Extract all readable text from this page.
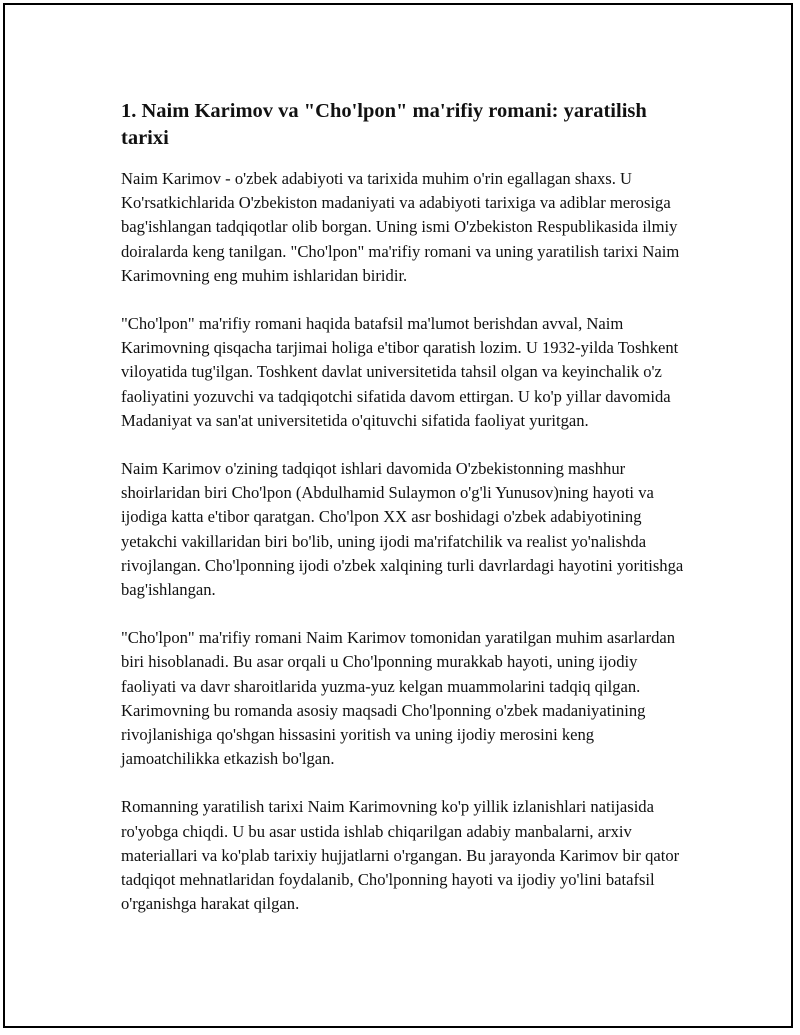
1. Naim Karimov va "Cho'lpon" ma'rifiy romani: yaratilish tarixi

Naim Karimov - o'zbek adabiyoti va tarixida muhim o'rin egallagan shaxs. U Ko'rsatkichlarida O'zbekiston madaniyati va adabiyoti tarixiga va adiblar merosiga bag'ishlangan tadqiqotlar olib borgan. Uning ismi O'zbekiston Respublikasida ilmiy doiralarda keng tanilgan. "Cho'lpon" ma'rifiy romani va uning yaratilish tarixi Naim Karimovning eng muhim ishlaridan biridir.

"Cho'lpon" ma'rifiy romani haqida batafsil ma'lumot berishdan avval, Naim Karimovning qisqacha tarjimai holiga e'tibor qaratish lozim. U 1932-yilda Toshkent viloyatida tug'ilgan. Toshkent davlat universitetida tahsil olgan va keyinchalik o'z faoliyatini yozuvchi va tadqiqotchi sifatida davom ettirgan. U ko'p yillar davomida Madaniyat va san'at universitetida o'qituvchi sifatida faoliyat yuritgan.

Naim Karimov o'zining tadqiqot ishlari davomida O'zbekistonning mashhur shoirlaridan biri Cho'lpon (Abdulhamid Sulaymon o'g'li Yunusov)ning hayoti va ijodiga katta e'tibor qaratgan. Cho'lpon XX asr boshidagi o'zbek adabiyotining yetakchi vakillaridan biri bo'lib, uning ijodi ma'rifatchilik va realist yo'nalishda rivojlangan. Cho'lponning ijodi o'zbek xalqining turli davrlardagi hayotini yoritishga bag'ishlangan.

"Cho'lpon" ma'rifiy romani Naim Karimov tomonidan yaratilgan muhim asarlardan biri hisoblanadi. Bu asar orqali u Cho'lponning murakkab hayoti, uning ijodiy faoliyati va davr sharoitlarida yuzma-yuz kelgan muammolarini tadqiq qilgan. Karimovning bu romanda asosiy maqsadi Cho'lponning o'zbek madaniyatining rivojlanishiga qo'shgan hissasini yoritish va uning ijodiy merosini keng jamoatchilikka etkazish bo'lgan.

Romanning yaratilish tarixi Naim Karimovning ko'p yillik izlanishlari natijasida ro'yobga chiqdi. U bu asar ustida ishlab chiqarilgan adabiy manbalarni, arxiv materiallari va ko'plab tarixiy hujjatlarni o'rgangan. Bu jarayonda Karimov bir qator tadqiqot mehnatlaridan foydalanib, Cho'lponning hayoti va ijodiy yo'lini batafsil o'rganishga harakat qilgan.
